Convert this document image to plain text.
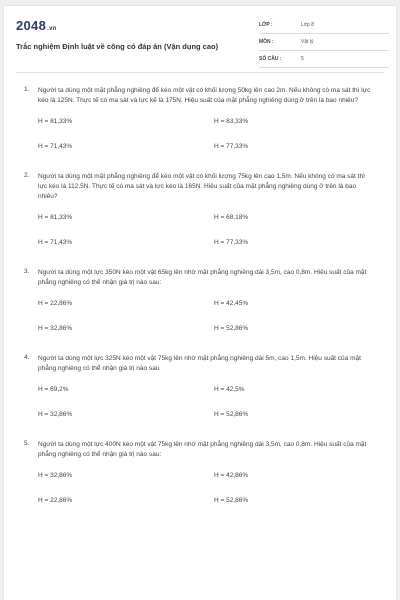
2048.vn
Trắc nghiệm Định luật về công có đáp án (Vận dụng cao)
LỚP :	Lớp 8
MÔN :	Vật lý
SỐ CÂU :	5
1. Người ta dùng một mặt phẳng nghiêng để kéo một vật có khối lượng 50kg lên cao 2m. Nếu không có ma sát thì lực kéo là 125N. Thực tế có ma sát và lực kế là 175N. Hiệu suất của mặt phẳng nghiêng dùng ở trên là bao nhiêu?
H = 81,33%	H = 83,33%
H = 71,43%	H = 77,33%
2. Người ta dùng một mặt phẳng nghiêng để kéo một vật có khối lượng 75kg lên cao 1,5m. Nếu không có ma sát thì lực kéo là 112,5N. Thực tế có ma sát và lực kéo là 165N. Hiệu suất của mặt phẳng nghiêng dùng ở trên là bao nhiêu?
H = 81,33%	H = 68,18%
H = 71,43%	H = 77,33%
3. Người ta dùng một lực 350N kéo một vật 65kg lên nhờ mặt phẳng nghiêng dài 3,5m, cao 0,8m. Hiệu suất của mặt phẳng nghiêng có thể nhận giá trị nào sau:
H = 22,86%	H = 42,45%
H = 32,86%	H = 52,86%
4. Người ta dùng một lực 325N kéo một vật 75kg lên nhờ mặt phẳng nghiêng dài 5m, cao 1,5m. Hiệu suất của mặt phẳng nghiêng có thể nhận giá trị nào sau
H = 69,2%	H = 42,5%
H = 32,86%	H = 52,86%
5. Người ta dùng một lực 400N kéo một vật 75kg lên nhờ mặt phẳng nghiêng dài 3,5m, cao 0,8m. Hiệu suất của mặt phẳng nghiêng có thể nhận giá trị nào sau:
H = 32,86%	H = 42,86%
H = 22,86%	H = 52,86%
